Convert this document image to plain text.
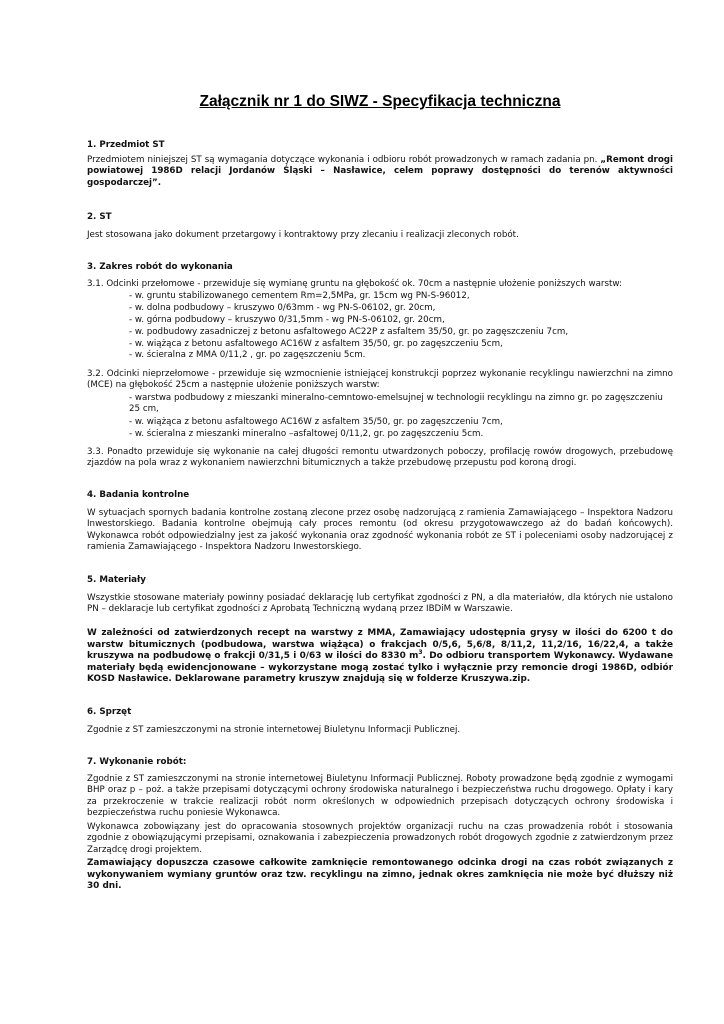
Załącznik nr 1 do SIWZ - Specyfikacja techniczna
1. Przedmiot ST

Przedmiotem niniejszej ST są wymagania dotyczące wykonania i odbioru robót prowadzonych w ramach zadania pn. „Remont drogi powiatowej 1986D relacji Jordanów Śląski – Nasławice, celem poprawy dostępności do terenów aktywności gospodarczej”.

2. ST

Jest stosowana jako dokument przetargowy i kontraktowy przy zlecaniu i realizacji zleconych robót.

3. Zakres robót do wykonania

3.1. Odcinki przełomowe - przewiduje się wymianę gruntu na głębokość ok. 70cm a następnie ułożenie poniższych warstw:

- w. gruntu stabilizowanego cementem Rm=2,5MPa, gr. 15cm wg PN-S-96012,

- w. dolna podbudowy – kruszywo 0/63mm - wg PN-S-06102, gr. 20cm,

- w. górna podbudowy – kruszywo 0/31,5mm - wg PN-S-06102, gr. 20cm,

- w. podbudowy zasadniczej z betonu asfaltowego AC22P z asfaltem 35/50, gr. po zagęszczeniu 7cm,

- w. wiążąca z betonu asfaltowego AC16W z asfaltem 35/50, gr. po zagęszczeniu 5cm,

- w. ścieralna z MMA 0/11,2 , gr. po zagęszczeniu 5cm.

3.2. Odcinki nieprzełomowe - przewiduje się wzmocnienie istniejącej konstrukcji poprzez wykonanie recyklingu nawierzchni na zimno (MCE) na głębokość 25cm a następnie ułożenie poniższych warstw:

- warstwa podbudowy z mieszanki mineralno-cemntowo-emelsujnej w technologii recyklingu na zimno gr. po zagęszczeniu 25 cm,

- w. wiążąca z betonu asfaltowego AC16W z asfaltem 35/50, gr. po zagęszczeniu 7cm,

- w. ścieralna z mieszanki mineralno –asfaltowej 0/11,2, gr. po zagęszczeniu 5cm.

3.3. Ponadto przewiduje się wykonanie na całej długości remontu utwardzonych poboczy, profilację rowów drogowych, przebudowę zjazdów na pola wraz z wykonaniem nawierzchni bitumicznych a także przebudowę przepustu pod koroną drogi.

4. Badania kontrolne

W sytuacjach spornych badania kontrolne zostaną zlecone przez osobę nadzorującą z ramienia Zamawiającego – Inspektora Nadzoru Inwestorskiego. Badania kontrolne obejmują cały proces remontu (od okresu przygotowawczego aż do badań końcowych). Wykonawca robót odpowiedzialny jest za jakość wykonania oraz zgodność wykonania robót ze ST i poleceniami osoby nadzorującej z ramienia Zamawiającego - Inspektora Nadzoru Inwestorskiego.

5. Materiały

Wszystkie stosowane materiały powinny posiadać deklarację lub certyfikat zgodności z PN, a dla materiałów, dla których nie ustalono PN – deklaracje lub certyfikat zgodności z Aprobatą Techniczną wydaną przez IBDiM w Warszawie.

W zależności od zatwierdzonych recept na warstwy z MMA, Zamawiający udostępnia grysy w ilości do 6200 t do warstw bitumicznych (podbudowa, warstwa wiążąca) o frakcjach 0/5,6, 5,6/8, 8/11,2, 11,2/16, 16/22,4, a także kruszywa na podbudowę o frakcji 0/31,5 i 0/63 w ilości do 8330 $m^3$. Do odbioru transportem Wykonawcy. Wydawane materiały będą ewidencjonowane – wykorzystane mogą zostać tylko i wyłącznie przy remoncie drogi 1986D, odbiór KOSD Nasławice. Deklarowane parametry kruszyw znajdują się w folderze Kruszywa.zip.

6. Sprzęt

Zgodnie z ST zamieszczonymi na stronie internetowej Biuletynu Informacji Publicznej.

7. Wykonanie robót:

Zgodnie z ST zamieszczonymi na stronie internetowej Biuletynu Informacji Publicznej. Roboty prowadzone będą zgodnie z wymogami BHP oraz p – poż. a także przepisami dotyczącymi ochrony środowiska naturalnego i bezpieczeństwa ruchu drogowego. Opłaty i kary za przekroczenie w trakcie realizacji robót norm określonych w odpowiednich przepisach dotyczących ochrony środowiska i bezpieczeństwa ruchu poniesie Wykonawca.

Wykonawca zobowiązany jest do opracowania stosownych projektów organizacji ruchu na czas prowadzenia robót i stosowania zgodnie z obowiązującymi przepisami, oznakowania i zabezpieczenia prowadzonych robót drogowych zgodnie z zatwierdzonym przez Zarządcę drogi projektem.

Zamawiający dopuszcza czasowe całkowite zamknięcie remontowanego odcinka drogi na czas robót związanych z wykonywaniem wymiany gruntów oraz tzw. recyklingu na zimno, jednak okres zamknięcia nie może być dłuższy niż 30 dni.
